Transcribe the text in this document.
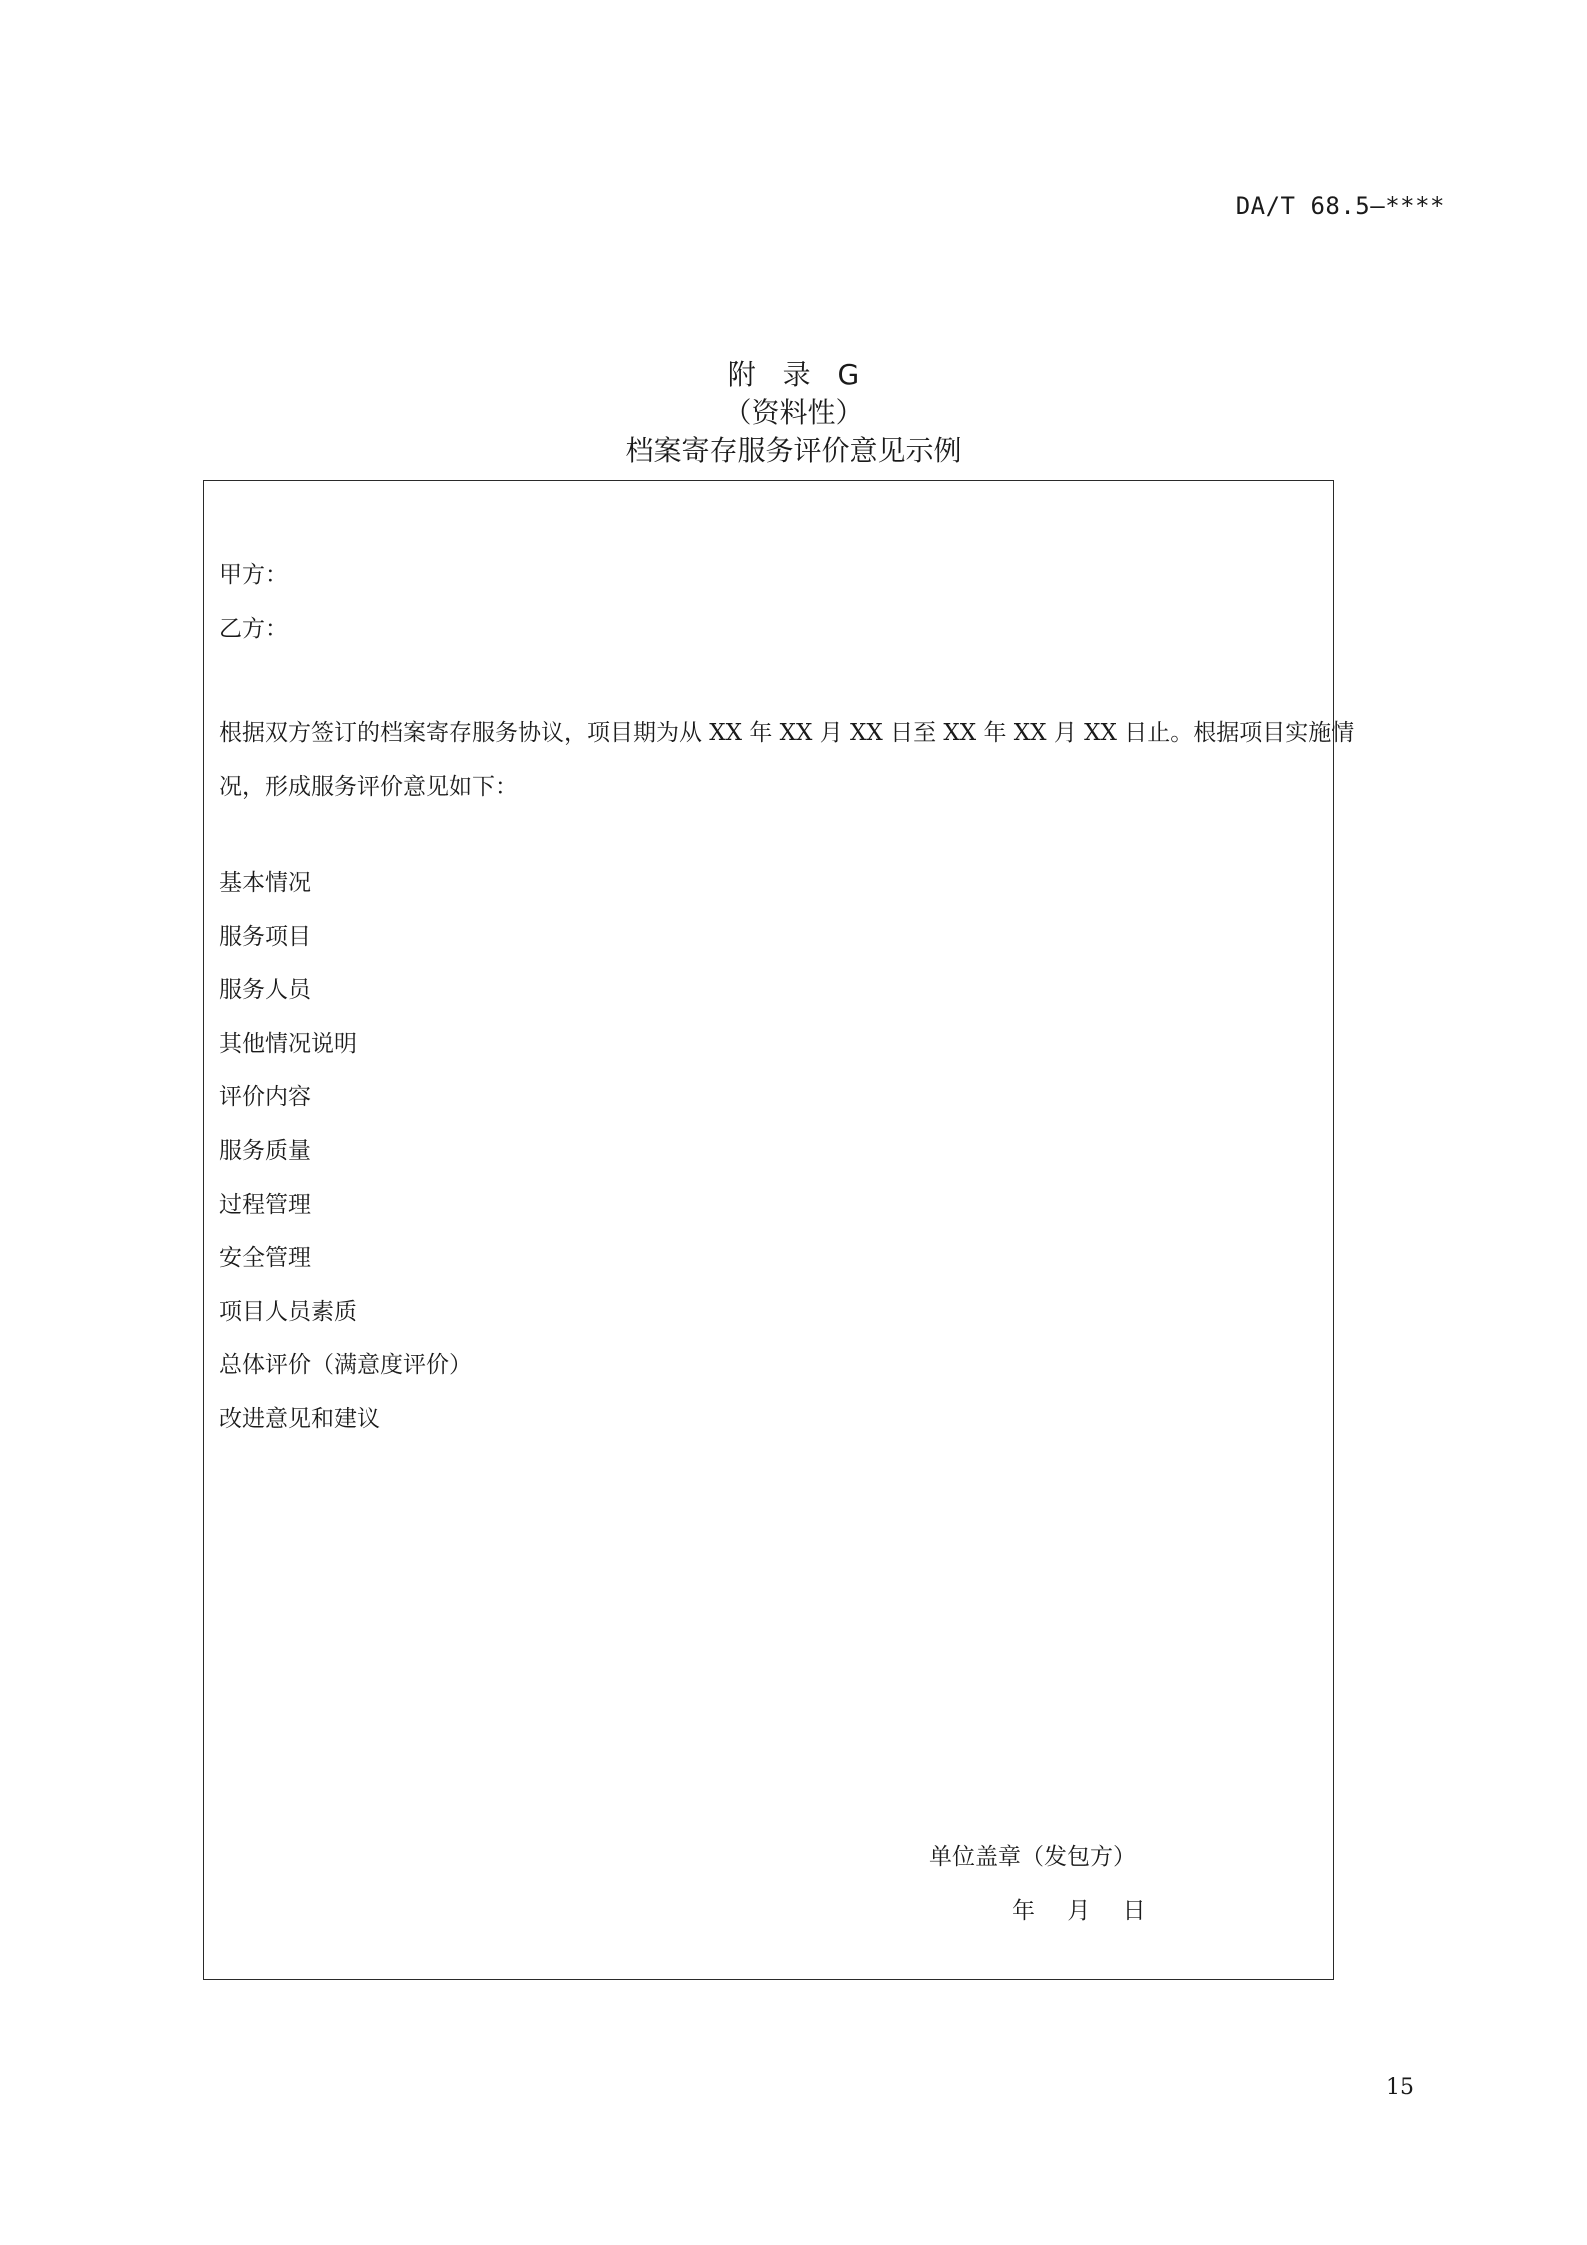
DA/T 68.5—****
附 录 G
（资料性）
档案寄存服务评价意见示例
甲方：
乙方：
根据双方签订的档案寄存服务协议，项目期为从 XX 年 XX 月 XX 日至 XX 年 XX 月 XX 日止。根据项目实施情
况，形成服务评价意见如下：
基本情况
服务项目
服务人员
其他情况说明
评价内容
服务质量
过程管理
安全管理
项目人员素质
总体评价（满意度评价）
改进意见和建议
单位盖章（发包方）
年 月 日
15
